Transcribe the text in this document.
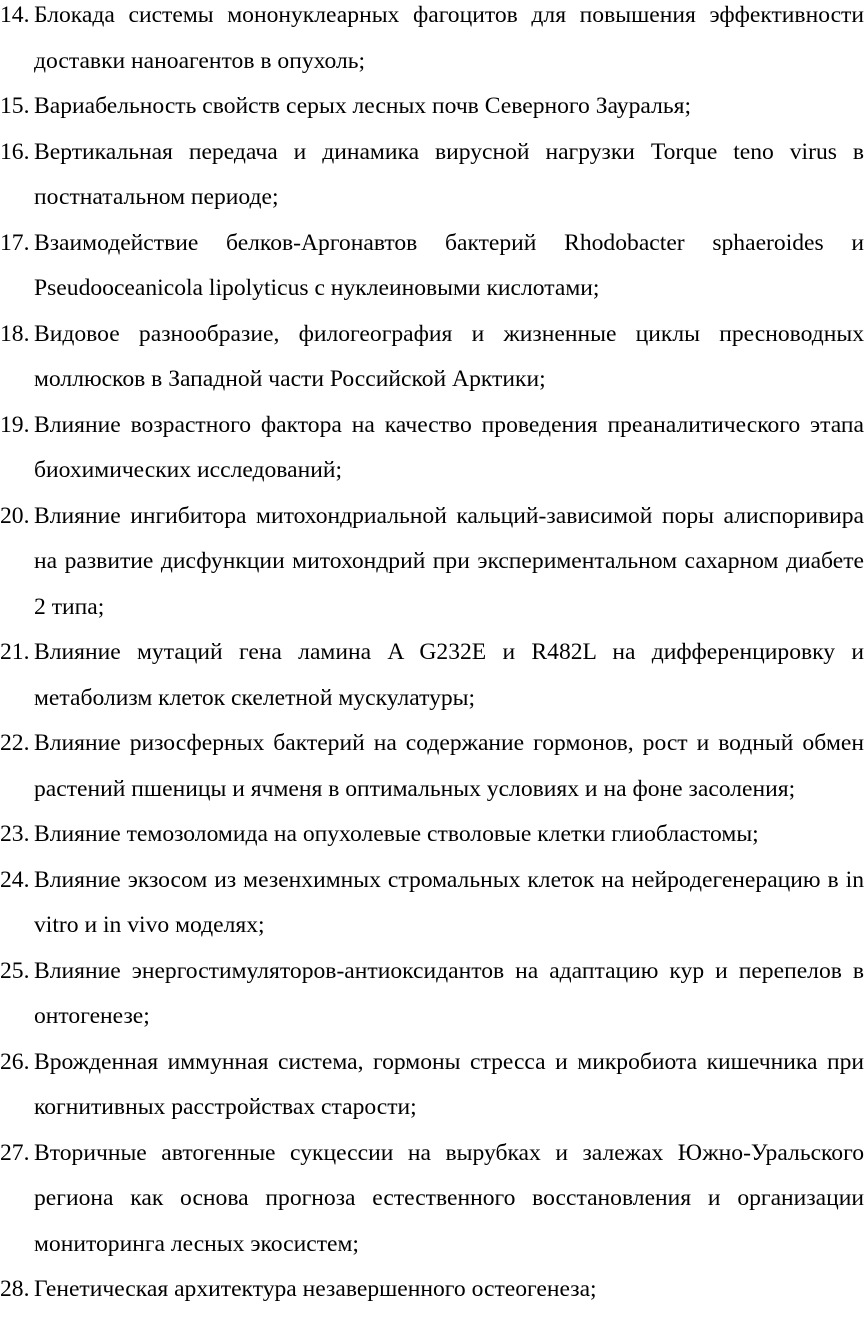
14. Блокада системы мононуклеарных фагоцитов для повышения эффективности доставки наноагентов в опухоль;
15. Вариабельность свойств серых лесных почв Северного Зауралья;
16. Вертикальная передача и динамика вирусной нагрузки Torque teno virus в постнатальном периоде;
17. Взаимодействие белков-Аргонавтов бактерий Rhodobacter sphaeroides и Pseudooceanicola lipolyticus с нуклеиновыми кислотами;
18. Видовое разнообразие, филогеография и жизненные циклы пресноводных моллюсков в Западной части Российской Арктики;
19. Влияние возрастного фактора на качество проведения преаналитического этапа биохимических исследований;
20. Влияние ингибитора митохондриальной кальций-зависимой поры алиспоривира на развитие дисфункции митохондрий при экспериментальном сахарном диабете 2 типа;
21. Влияние мутаций гена ламина A G232E и R482L на дифференцировку и метаболизм клеток скелетной мускулатуры;
22. Влияние ризосферных бактерий на содержание гормонов, рост и водный обмен растений пшеницы и ячменя в оптимальных условиях и на фоне засоления;
23. Влияние темозоломида на опухолевые стволовые клетки глиобластомы;
24. Влияние экзосом из мезенхимных стромальных клеток на нейродегенерацию в in vitro и in vivo моделях;
25. Влияние энергостимуляторов-антиоксидантов на адаптацию кур и перепелов в онтогенезе;
26. Врожденная иммунная система, гормоны стресса и микробиота кишечника при когнитивных расстройствах старости;
27. Вторичные автогенные сукцессии на вырубках и залежах Южно-Уральского региона как основа прогноза естественного восстановления и организации мониторинга лесных экосистем;
28. Генетическая архитектура незавершенного остеогенеза;
